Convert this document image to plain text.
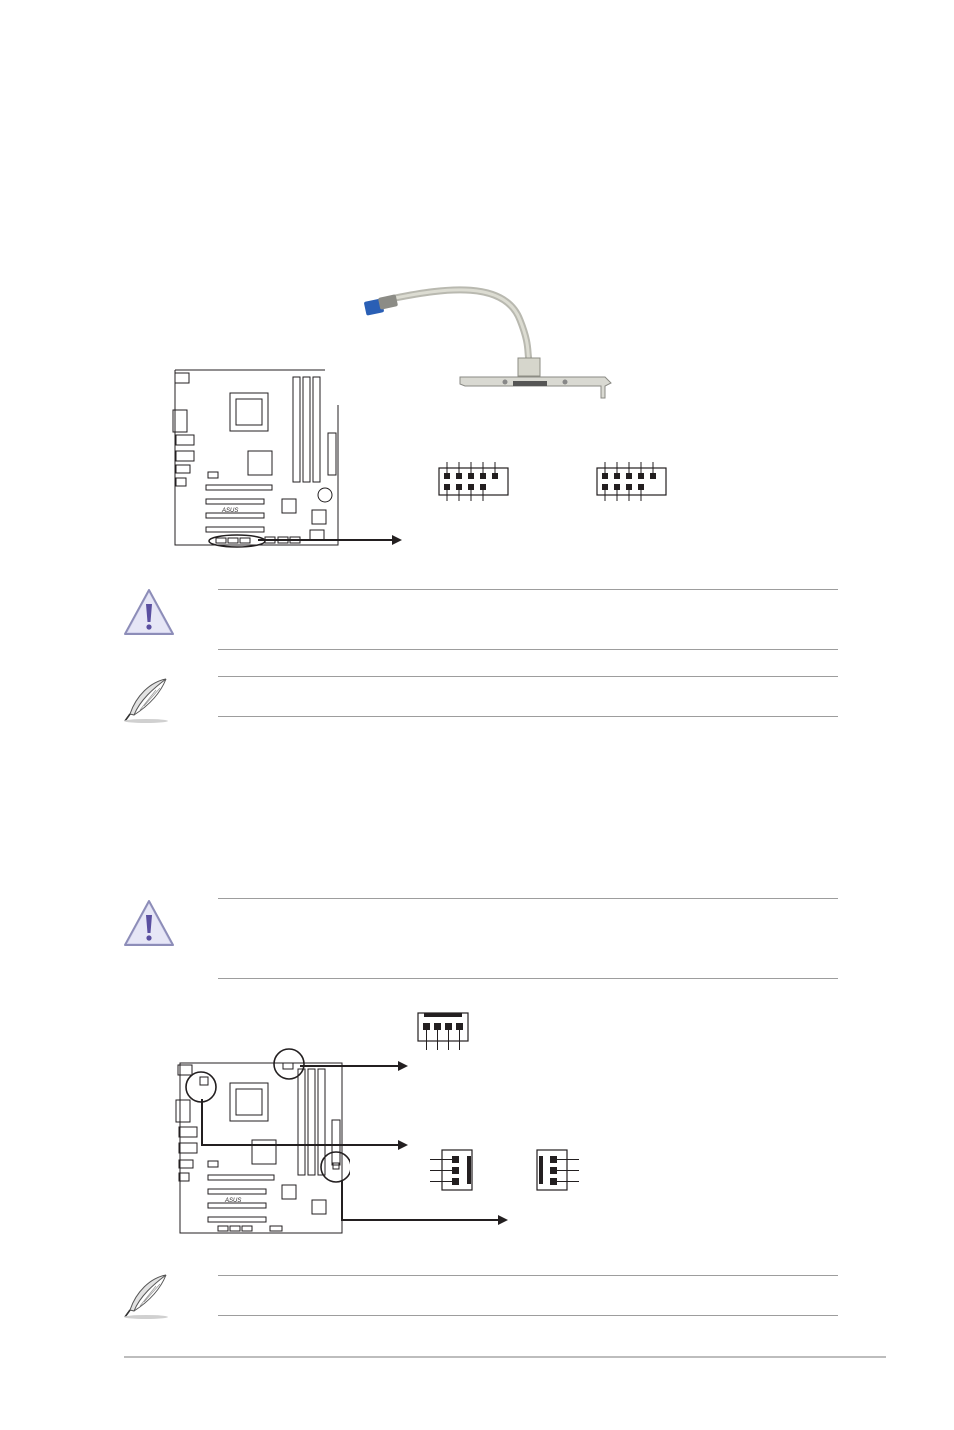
ASUS
ASUS
